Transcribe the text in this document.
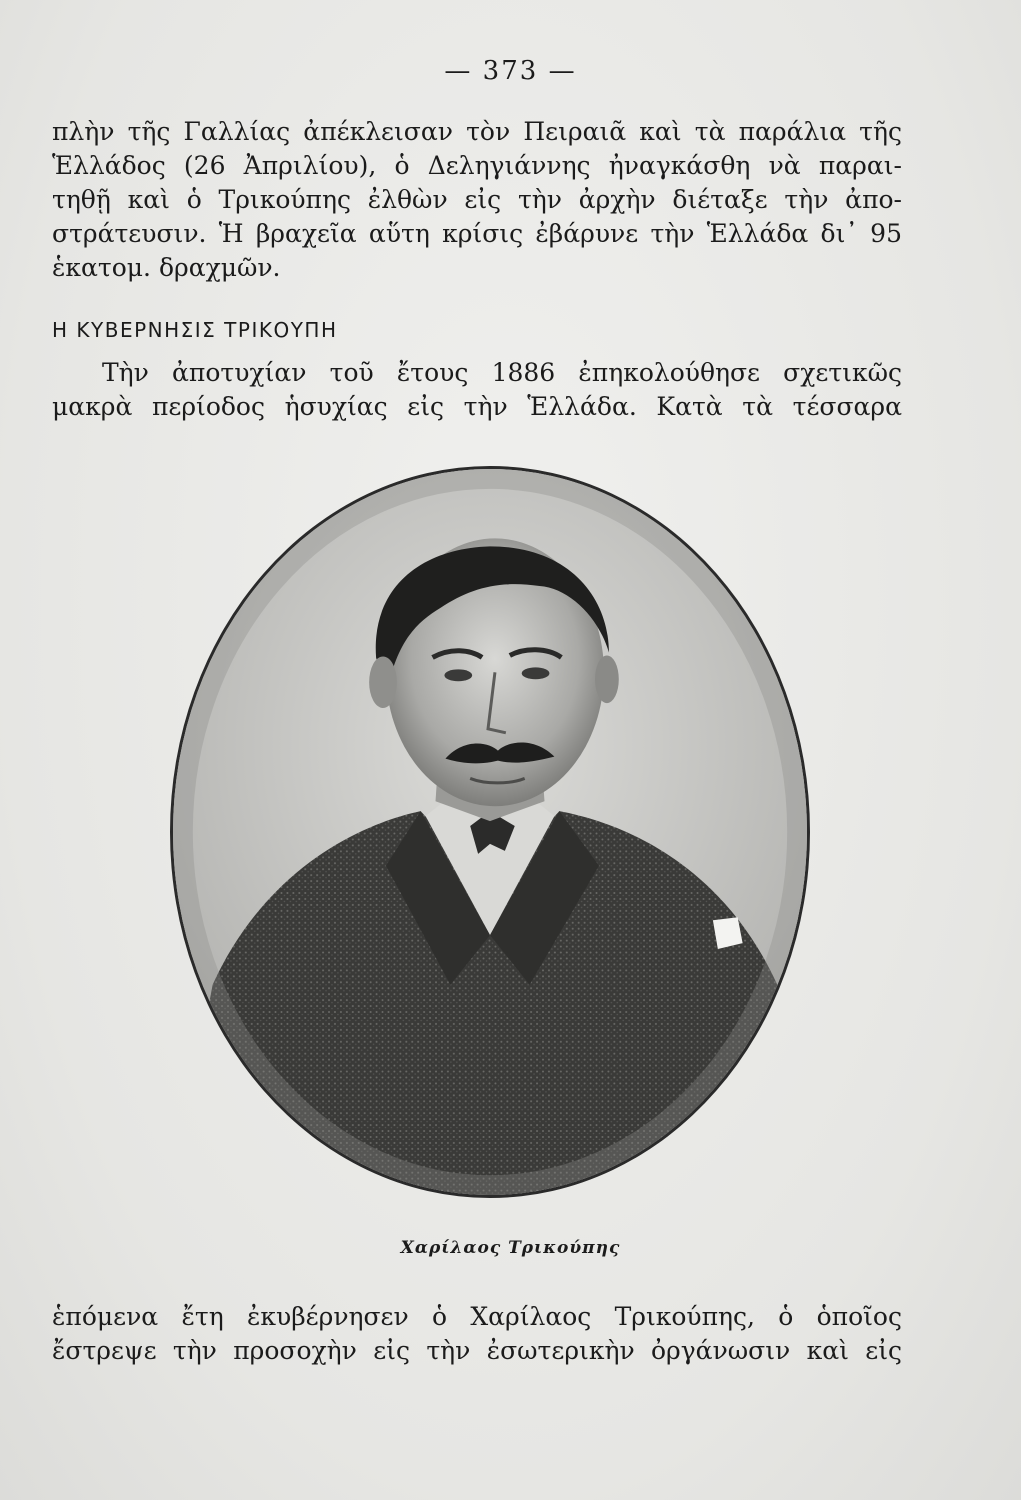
— 373 —
πλὴν τῆς Γαλλίας ἀπέκλεισαν τὸν Πειραιᾶ καὶ τὰ παράλια τῆς
Ἑλλάδος (26 Ἀπριλίου), ὁ Δεληγιάννης ἠναγκάσθη νὰ παραι-
τηθῇ καὶ ὁ Τρικούπης ἐλθὼν εἰς τὴν ἀρχὴν διέταξε τὴν ἀπο-
στράτευσιν. Ἡ βραχεῖα αὕτη κρίσις ἐβάρυνε τὴν Ἑλλάδα δι᾿ 95
ἑκατομ. δραχμῶν.
Η ΚΥΒΕΡΝΗΣΙΣ ΤΡΙΚΟΥΠΗ
Τὴν ἀποτυχίαν τοῦ ἔτους 1886 ἐπηκολούθησε σχετικῶς
μακρὰ περίοδος ἡσυχίας εἰς τὴν Ἑλλάδα. Κατὰ τὰ τέσσαρα
Χαρίλαος Τρικούπης
ἑπόμενα ἔτη ἐκυβέρνησεν ὁ Χαρίλαος Τρικούπης, ὁ ὁποῖος
ἔστρεψε τὴν προσοχὴν εἰς τὴν ἐσωτερικὴν ὀργάνωσιν καὶ εἰς
